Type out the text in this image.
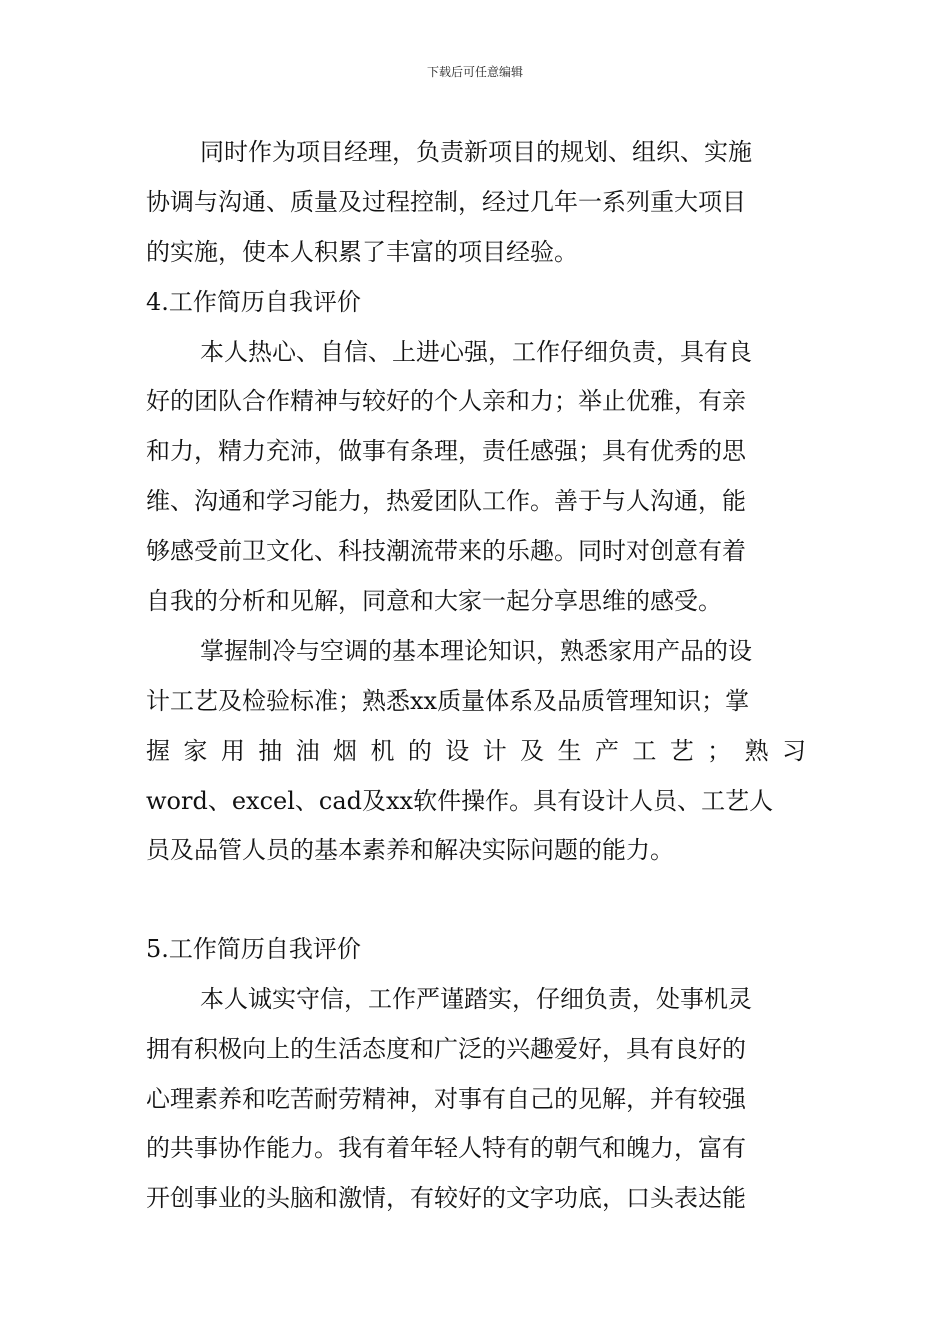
下载后可任意编辑
同时作为项目经理，负责新项目的规划、组织、实施
协调与沟通、质量及过程控制，经过几年一系列重大项目
的实施，使本人积累了丰富的项目经验。
4.工作简历自我评价
本人热心、自信、上进心强，工作仔细负责，具有良
好的团队合作精神与较好的个人亲和力；举止优雅，有亲
和力，精力充沛，做事有条理，责任感强；具有优秀的思
维、沟通和学习能力，热爱团队工作。善于与人沟通，能
够感受前卫文化、科技潮流带来的乐趣。同时对创意有着
自我的分析和见解，同意和大家一起分享思维的感受。
掌握制冷与空调的基本理论知识，熟悉家用产品的设
计工艺及检验标准；熟悉xx质量体系及品质管理知识；掌
握家用抽油烟机的设计及生产工艺；熟习
word、excel、cad及xx软件操作。具有设计人员、工艺人
员及品管人员的基本素养和解决实际问题的能力。
5.工作简历自我评价
本人诚实守信，工作严谨踏实，仔细负责，处事机灵
拥有积极向上的生活态度和广泛的兴趣爱好，具有良好的
心理素养和吃苦耐劳精神，对事有自己的见解，并有较强
的共事协作能力。我有着年轻人特有的朝气和魄力，富有
开创事业的头脑和激情，有较好的文字功底，口头表达能
